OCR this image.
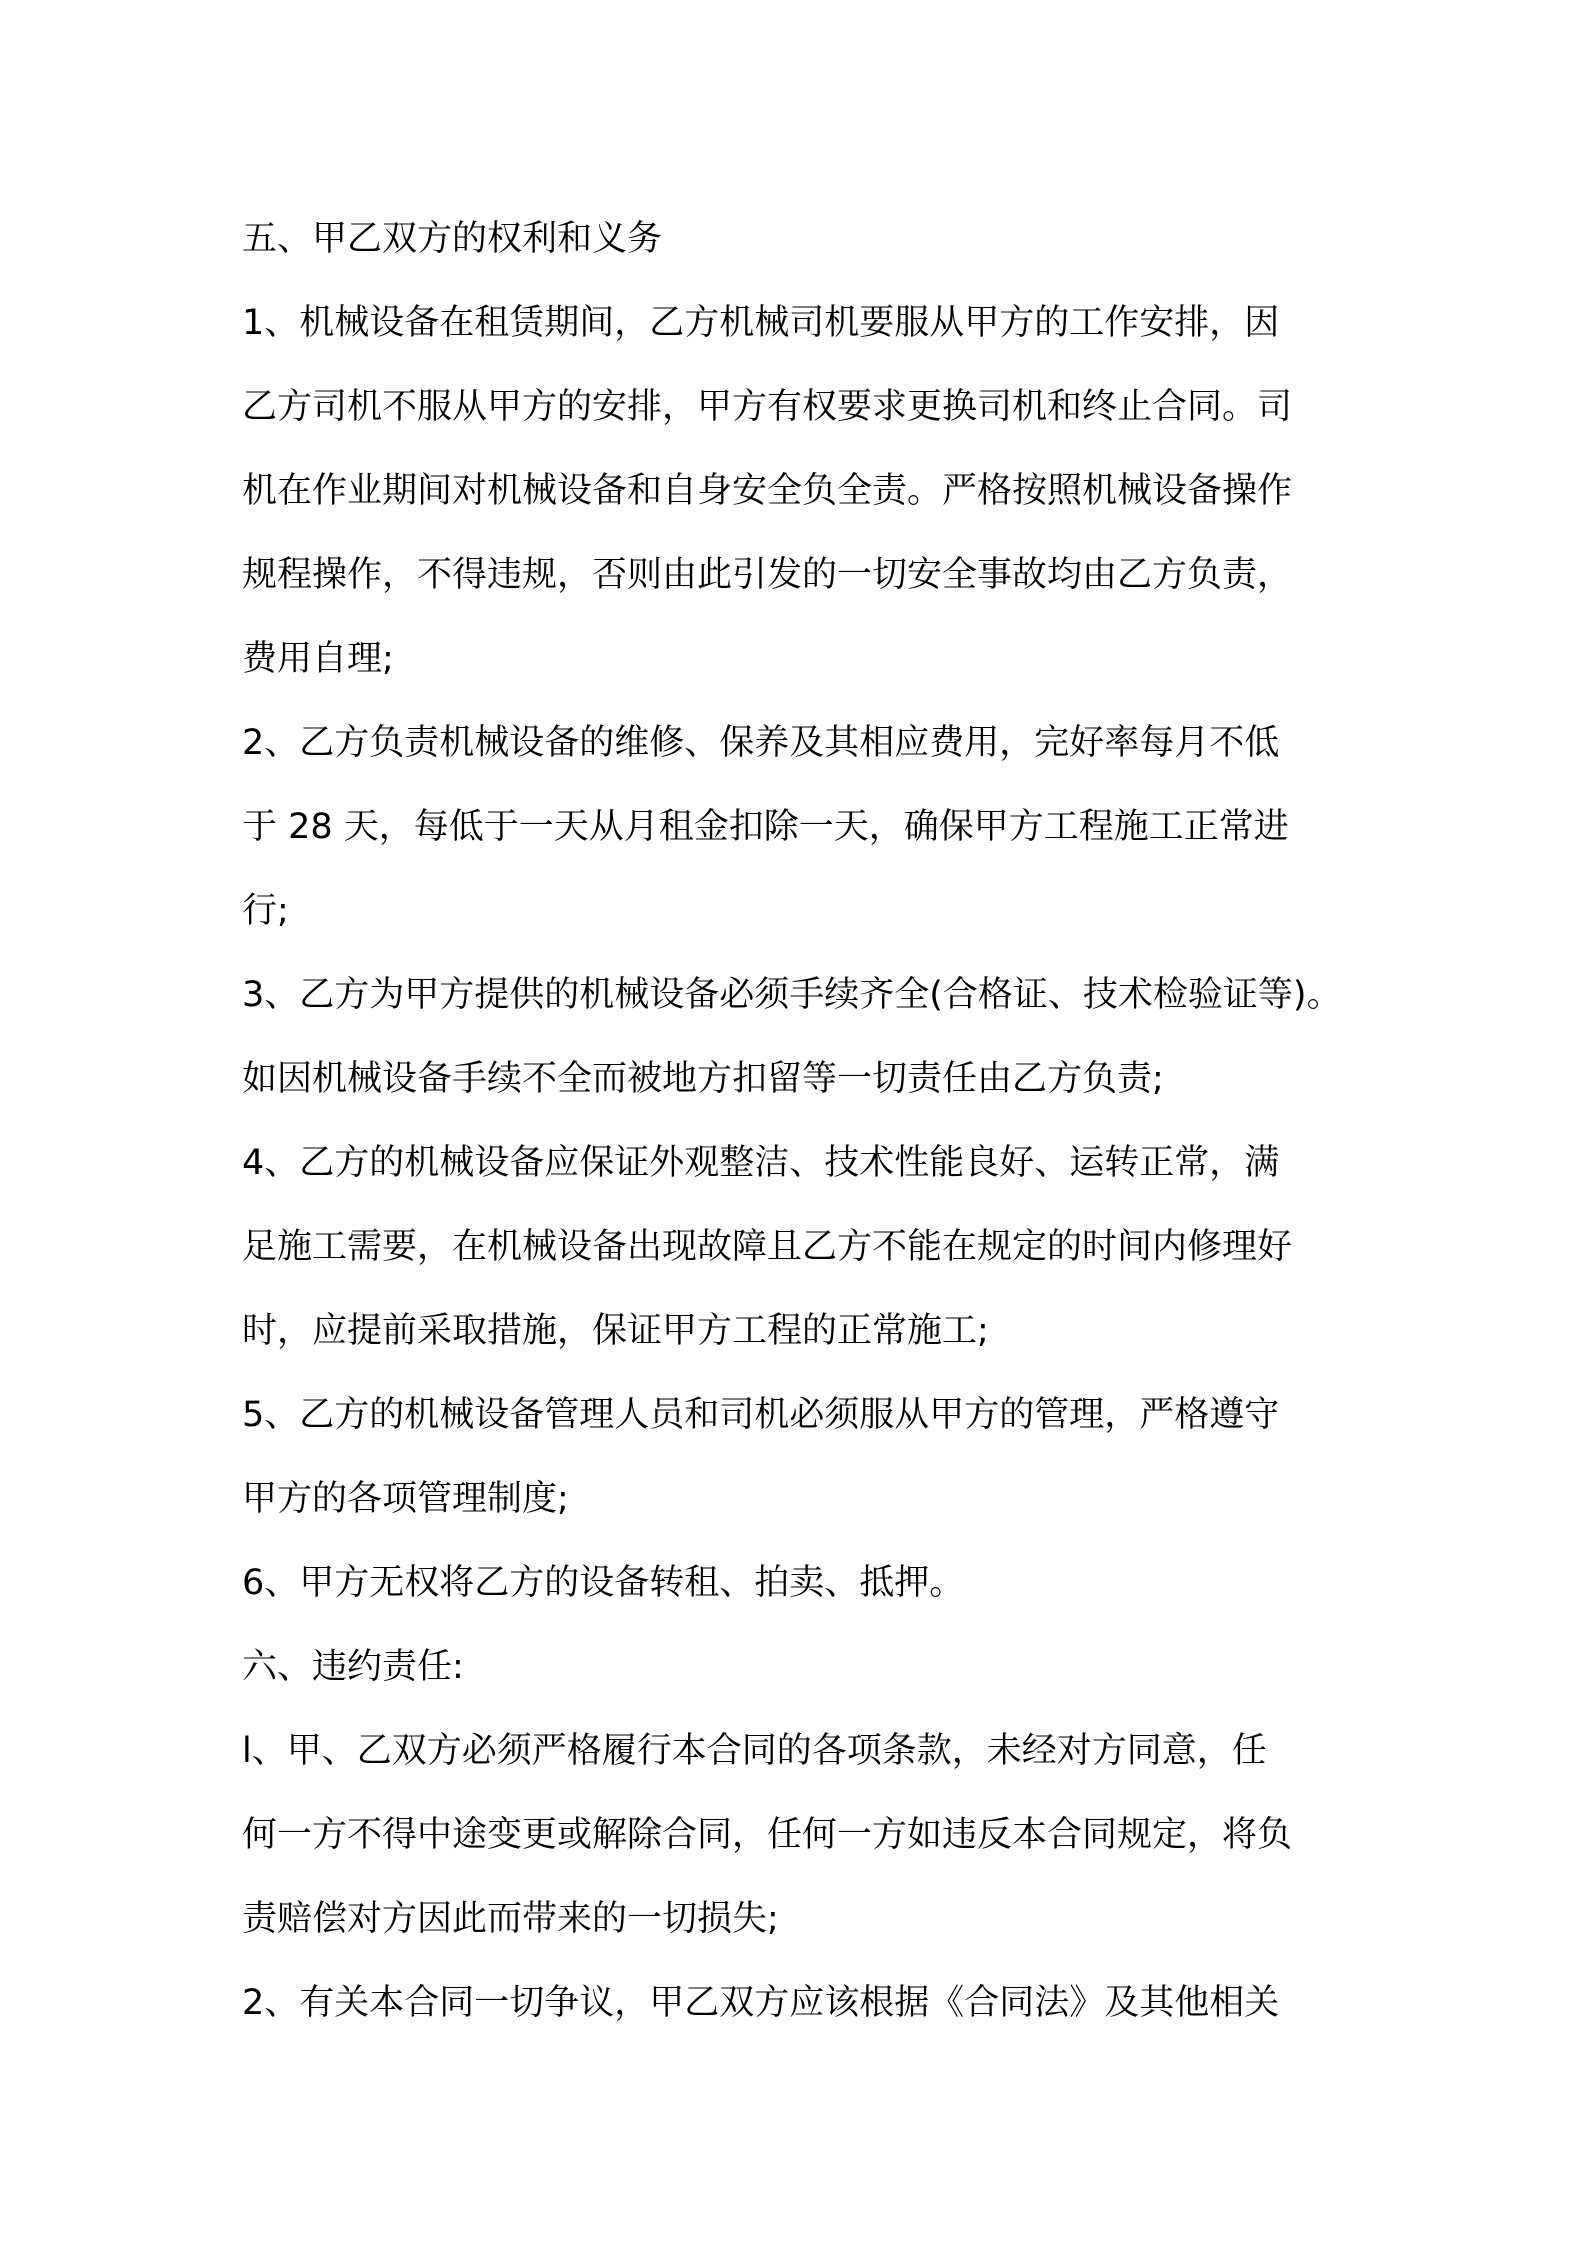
五、甲乙双方的权利和义务
1、机械设备在租赁期间，乙方机械司机要服从甲方的工作安排，因
乙方司机不服从甲方的安排，甲方有权要求更换司机和终止合同。司
机在作业期间对机械设备和自身安全负全责。严格按照机械设备操作
规程操作，不得违规，否则由此引发的一切安全事故均由乙方负责，
费用自理;
2、乙方负责机械设备的维修、保养及其相应费用，完好率每月不低
于 28 天，每低于一天从月租金扣除一天，确保甲方工程施工正常进
行;
3、乙方为甲方提供的机械设备必须手续齐全(合格证、技术检验证等)。
如因机械设备手续不全而被地方扣留等一切责任由乙方负责;
4、乙方的机械设备应保证外观整洁、技术性能良好、运转正常，满
足施工需要，在机械设备出现故障且乙方不能在规定的时间内修理好
时，应提前采取措施，保证甲方工程的正常施工;
5、乙方的机械设备管理人员和司机必须服从甲方的管理，严格遵守
甲方的各项管理制度;
6、甲方无权将乙方的设备转租、拍卖、抵押。
六、违约责任:
l、甲、乙双方必须严格履行本合同的各项条款，未经对方同意，任
何一方不得中途变更或解除合同，任何一方如违反本合同规定，将负
责赔偿对方因此而带来的一切损失;
2、有关本合同一切争议，甲乙双方应该根据《合同法》及其他相关
